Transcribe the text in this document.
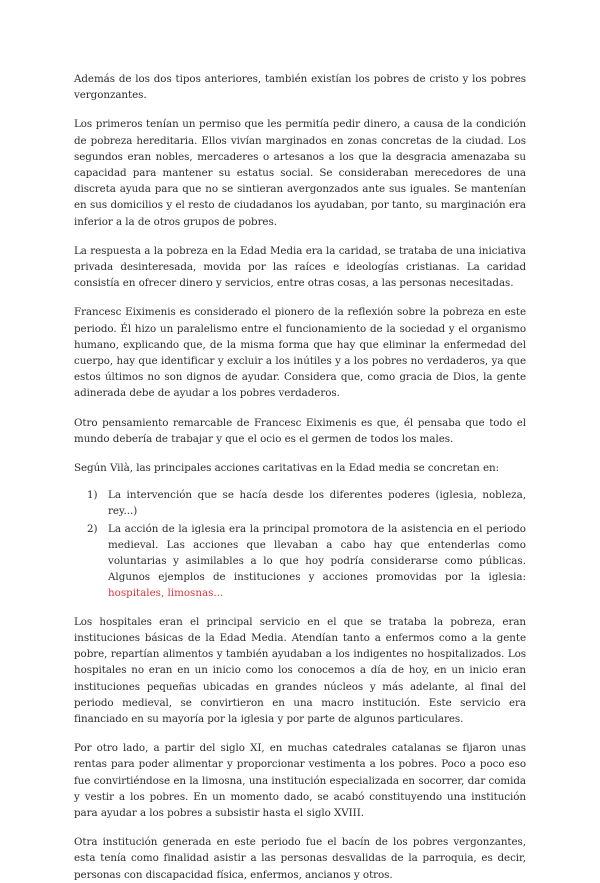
Además de los dos tipos anteriores, también existían los pobres de cristo y los pobres vergonzantes.

Los primeros tenían un permiso que les permitía pedir dinero, a causa de la condición de pobreza hereditaria. Ellos vivían marginados en zonas concretas de la ciudad. Los segundos eran nobles, mercaderes o artesanos a los que la desgracia amenazaba su capacidad para mantener su estatus social. Se consideraban merecedores de una discreta ayuda para que no se sintieran avergonzados ante sus iguales. Se mantenían en sus domicilios y el resto de ciudadanos los ayudaban, por tanto, su marginación era inferior a la de otros grupos de pobres.

La respuesta a la pobreza en la Edad Media era la caridad, se trataba de una iniciativa privada desinteresada, movida por las raíces e ideologías cristianas. La caridad consistía en ofrecer dinero y servicios, entre otras cosas, a las personas necesitadas.

Francesc Eiximenis es considerado el pionero de la reflexión sobre la pobreza en este periodo. Él hizo un paralelismo entre el funcionamiento de la sociedad y el organismo humano, explicando que, de la misma forma que hay que eliminar la enfermedad del cuerpo, hay que identificar y excluir a los inútiles y a los pobres no verdaderos, ya que estos últimos no son dignos de ayudar. Considera que, como gracia de Dios, la gente adinerada debe de ayudar a los pobres verdaderos.

Otro pensamiento remarcable de Francesc Eiximenis es que, él pensaba que todo el mundo debería de trabajar y que el ocio es el germen de todos los males.

Según Vilà, las principales acciones caritativas en la Edad media se concretan en:

1) La intervención que se hacía desde los diferentes poderes (iglesia, nobleza, rey...)
2) La acción de la iglesia era la principal promotora de la asistencia en el periodo medieval. Las acciones que llevaban a cabo hay que entenderlas como voluntarias y asimilables a lo que hoy podría considerarse como públicas. Algunos ejemplos de instituciones y acciones promovidas por la iglesia: hospitales, limosnas...

Los hospitales eran el principal servicio en el que se trataba la pobreza, eran instituciones básicas de la Edad Media. Atendían tanto a enfermos como a la gente pobre, repartían alimentos y también ayudaban a los indigentes no hospitalizados. Los hospitales no eran en un inicio como los conocemos a día de hoy, en un inicio eran instituciones pequeñas ubicadas en grandes núcleos y más adelante, al final del periodo medieval, se convirtieron en una macro institución. Este servicio era financiado en su mayoría por la iglesia y por parte de algunos particulares.

Por otro lado, a partir del siglo XI, en muchas catedrales catalanas se fijaron unas rentas para poder alimentar y proporcionar vestimenta a los pobres. Poco a poco eso fue convirtiéndose en la limosna, una institución especializada en socorrer, dar comida y vestir a los pobres. En un momento dado, se acabó constituyendo una institución para ayudar a los pobres a subsistir hasta el siglo XVIII.

Otra institución generada en este periodo fue el bacín de los pobres vergonzantes, esta tenía como finalidad asistir a las personas desvalidas de la parroquia, es decir, personas con discapacidad física, enfermos, ancianos y otros.
